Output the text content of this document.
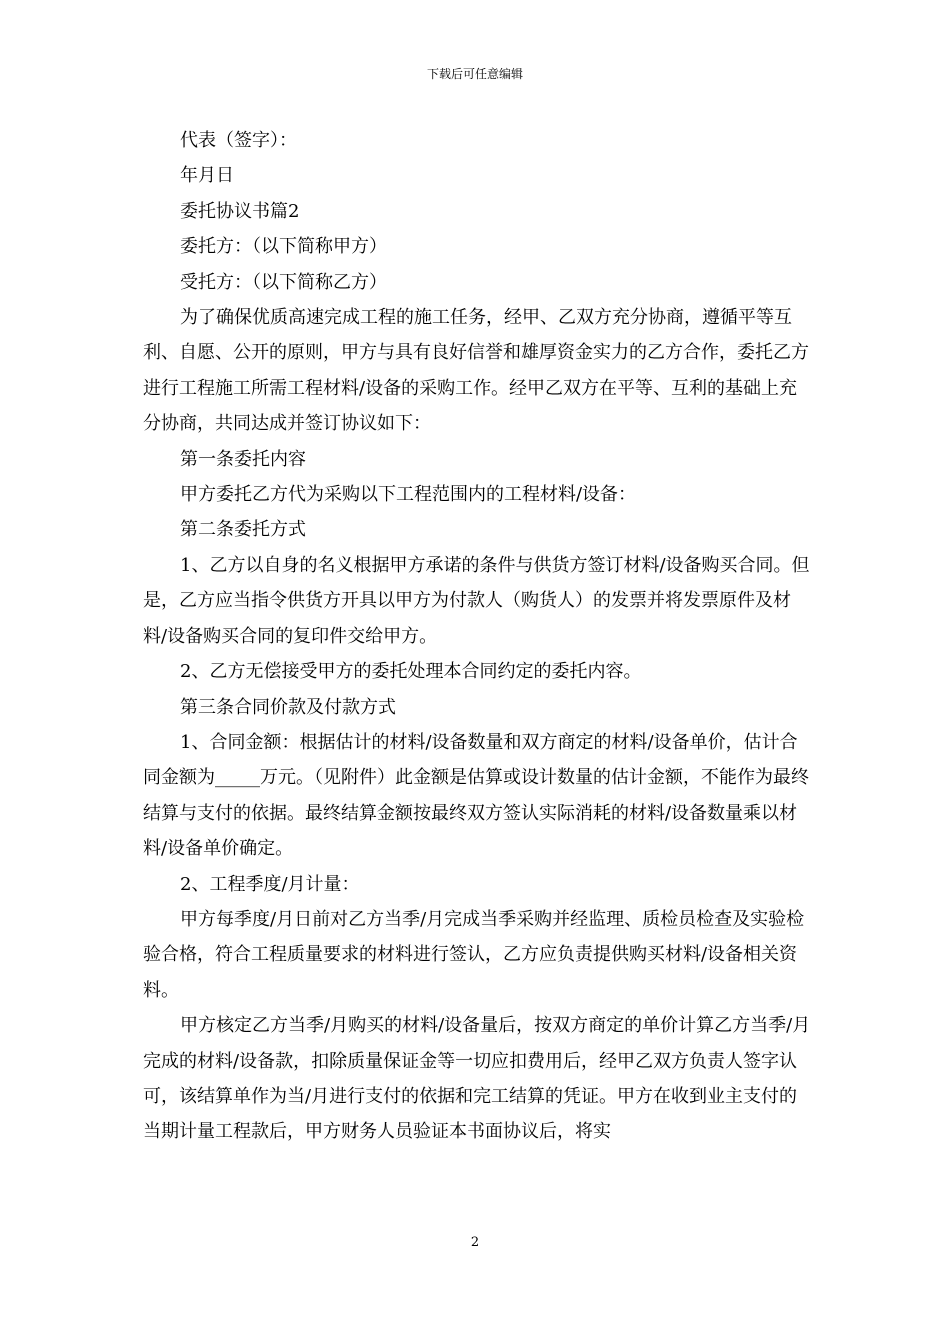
下载后可任意编辑

代表（签字）：

年月日

委托协议书篇2

委托方：（以下简称甲方）

受托方：（以下简称乙方）

为了确保优质高速完成工程的施工任务，经甲、乙双方充分协商，遵循平等互利、自愿、公开的原则，甲方与具有良好信誉和雄厚资金实力的乙方合作，委托乙方进行工程施工所需工程材料/设备的采购工作。经甲乙双方在平等、互利的基础上充分协商，共同达成并签订协议如下：

第一条委托内容

甲方委托乙方代为采购以下工程范围内的工程材料/设备：

第二条委托方式

1、乙方以自身的名义根据甲方承诺的条件与供货方签订材料/设备购买合同。但是，乙方应当指令供货方开具以甲方为付款人（购货人）的发票并将发票原件及材料/设备购买合同的复印件交给甲方。

2、乙方无偿接受甲方的委托处理本合同约定的委托内容。

第三条合同价款及付款方式

1、合同金额：根据估计的材料/设备数量和双方商定的材料/设备单价，估计合同金额为_____万元。（见附件）此金额是估算或设计数量的估计金额，不能作为最终结算与支付的依据。最终结算金额按最终双方签认实际消耗的材料/设备数量乘以材料/设备单价确定。

2、工程季度/月计量：

甲方每季度/月日前对乙方当季/月完成当季采购并经监理、质检员检查及实验检验合格，符合工程质量要求的材料进行签认，乙方应负责提供购买材料/设备相关资料。

甲方核定乙方当季/月购买的材料/设备量后，按双方商定的单价计算乙方当季/月完成的材料/设备款，扣除质量保证金等一切应扣费用后，经甲乙双方负责人签字认可，该结算单作为当/月进行支付的依据和完工结算的凭证。甲方在收到业主支付的当期计量工程款后，甲方财务人员验证本书面协议后，将实

2
